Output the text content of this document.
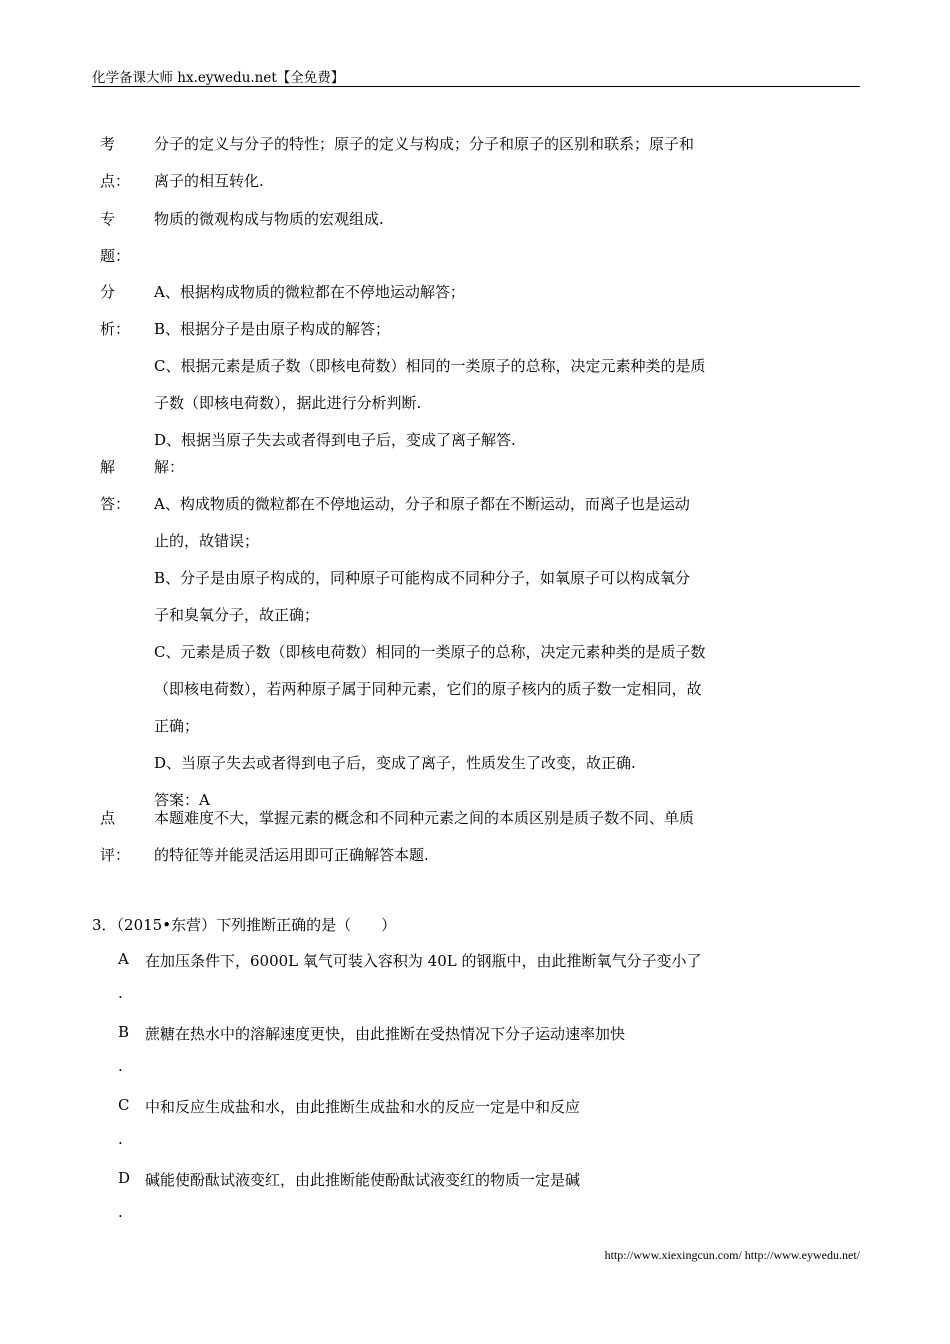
化学备课大师 hx.eywedu.net【全免费】
考
点：
分子的定义与分子的特性；原子的定义与构成；分子和原子的区别和联系；原子和
离子的相互转化.
专
题：
物质的微观构成与物质的宏观组成.
分
析：
A、根据构成物质的微粒都在不停地运动解答；
B、根据分子是由原子构成的解答；
C、根据元素是质子数（即核电荷数）相同的一类原子的总称，决定元素种类的是质
子数（即核电荷数），据此进行分析判断.
D、根据当原子失去或者得到电子后，变成了离子解答.
解
答：
解：
A、构成物质的微粒都在不停地运动，分子和原子都在不断运动，而离子也是运动
止的，故错误；
B、分子是由原子构成的，同种原子可能构成不同种分子，如氧原子可以构成氧分
子和臭氧分子，故正确；
C、元素是质子数（即核电荷数）相同的一类原子的总称，决定元素种类的是质子数
（即核电荷数），若两种原子属于同种元素，它们的原子核内的质子数一定相同，故
正确；
D、当原子失去或者得到电子后，变成了离子，性质发生了改变，故正确.
答案：A
点
评：
本题难度不大，掌握元素的概念和不同种元素之间的本质区别是质子数不同、单质
的特征等并能灵活运用即可正确解答本题.
3．（2015•东营）下列推断正确的是（　　）
A 在加压条件下，6000L 氧气可装入容积为 40L 的钢瓶中，由此推断氧气分子变小了
.
B 蔗糖在热水中的溶解速度更快，由此推断在受热情况下分子运动速率加快
.
C 中和反应生成盐和水，由此推断生成盐和水的反应一定是中和反应
.
D 碱能使酚酞试液变红，由此推断能使酚酞试液变红的物质一定是碱
.
http://www.xiexingcun.com/ http://www.eywedu.net/
